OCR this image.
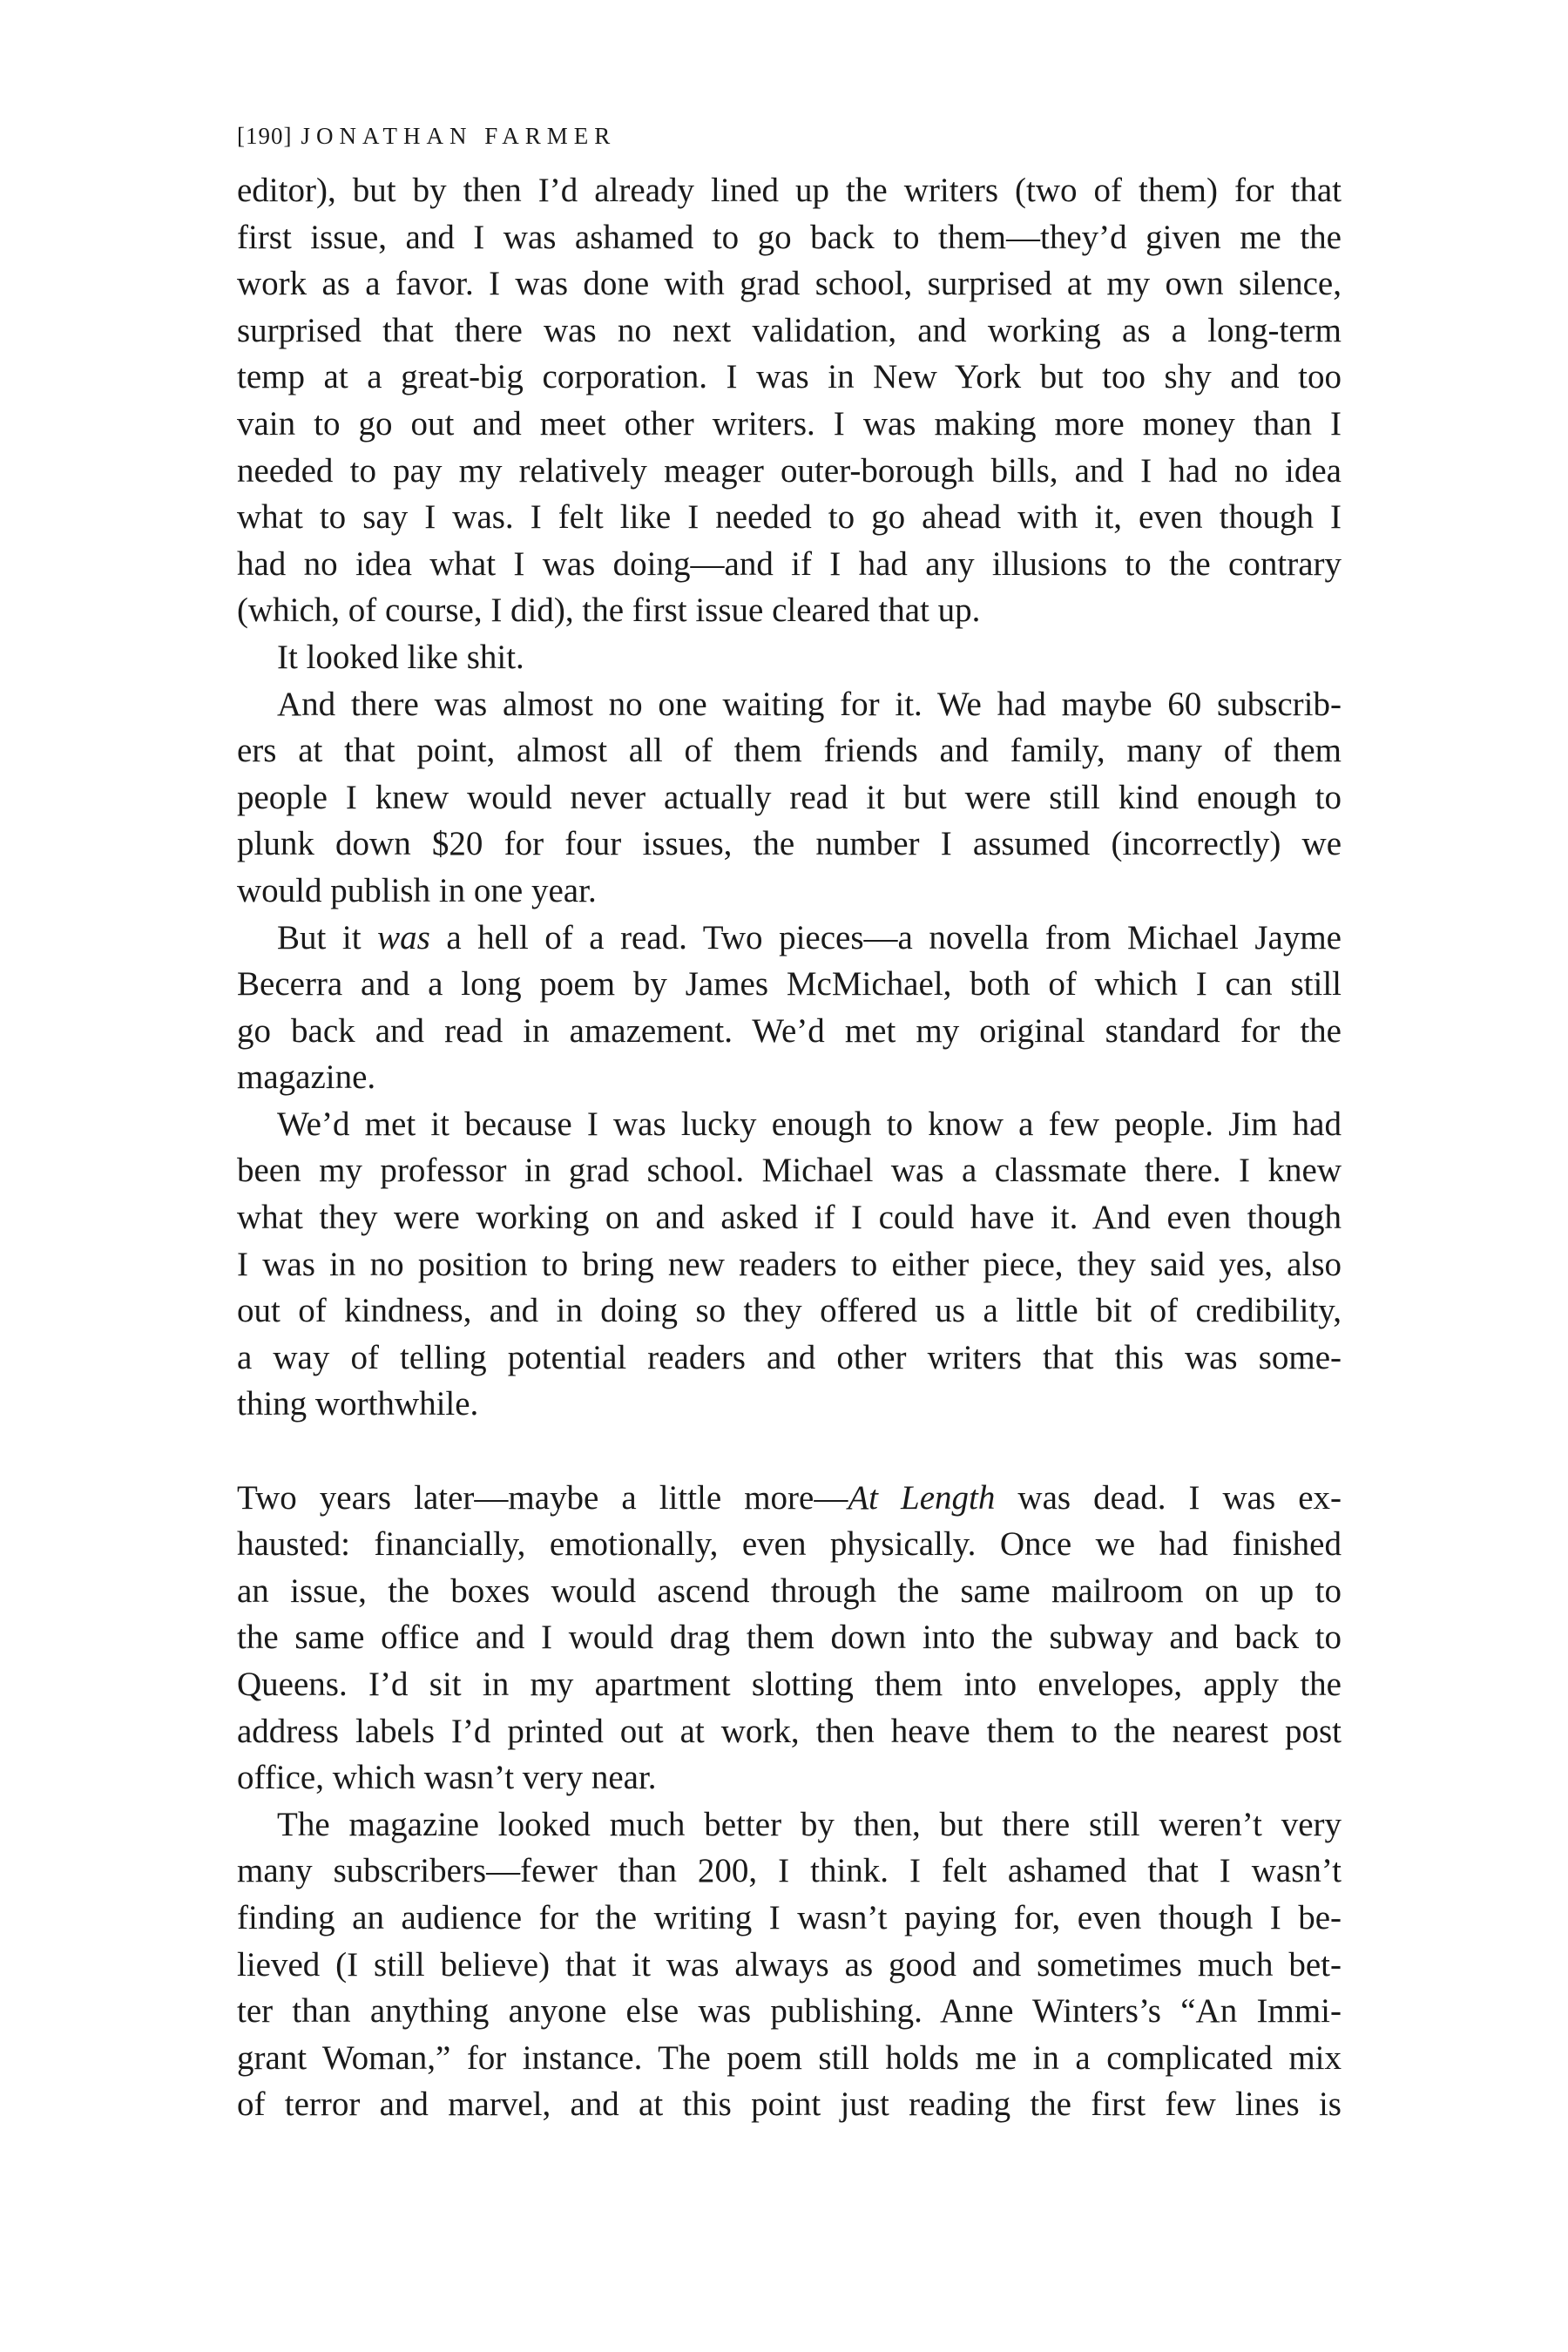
[190] JONATHAN FARMER
editor), but by then I’d already lined up the writers (two of them) for that
first issue, and I was ashamed to go back to them—they’d given me the
work as a favor. I was done with grad school, surprised at my own silence,
surprised that there was no next validation, and working as a long-term
temp at a great-big corporation. I was in New York but too shy and too
vain to go out and meet other writers. I was making more money than I
needed to pay my relatively meager outer-borough bills, and I had no idea
what to say I was. I felt like I needed to go ahead with it, even though I
had no idea what I was doing—and if I had any illusions to the contrary
(which, of course, I did), the first issue cleared that up.
It looked like shit.
And there was almost no one waiting for it. We had maybe 60 subscrib-
ers at that point, almost all of them friends and family, many of them
people I knew would never actually read it but were still kind enough to
plunk down $20 for four issues, the number I assumed (incorrectly) we
would publish in one year.
But it was a hell of a read. Two pieces—a novella from Michael Jayme
Becerra and a long poem by James McMichael, both of which I can still
go back and read in amazement. We’d met my original standard for the
magazine.
We’d met it because I was lucky enough to know a few people. Jim had
been my professor in grad school. Michael was a classmate there. I knew
what they were working on and asked if I could have it. And even though
I was in no position to bring new readers to either piece, they said yes, also
out of kindness, and in doing so they offered us a little bit of credibility,
a way of telling potential readers and other writers that this was some-
thing worthwhile.
Two years later—maybe a little more—At Length was dead. I was ex-
hausted: financially, emotionally, even physically. Once we had finished
an issue, the boxes would ascend through the same mailroom on up to
the same office and I would drag them down into the subway and back to
Queens. I’d sit in my apartment slotting them into envelopes, apply the
address labels I’d printed out at work, then heave them to the nearest post
office, which wasn’t very near.
The magazine looked much better by then, but there still weren’t very
many subscribers—fewer than 200, I think. I felt ashamed that I wasn’t
finding an audience for the writing I wasn’t paying for, even though I be-
lieved (I still believe) that it was always as good and sometimes much bet-
ter than anything anyone else was publishing. Anne Winters’s “An Immi-
grant Woman,” for instance. The poem still holds me in a complicated mix
of terror and marvel, and at this point just reading the first few lines is
